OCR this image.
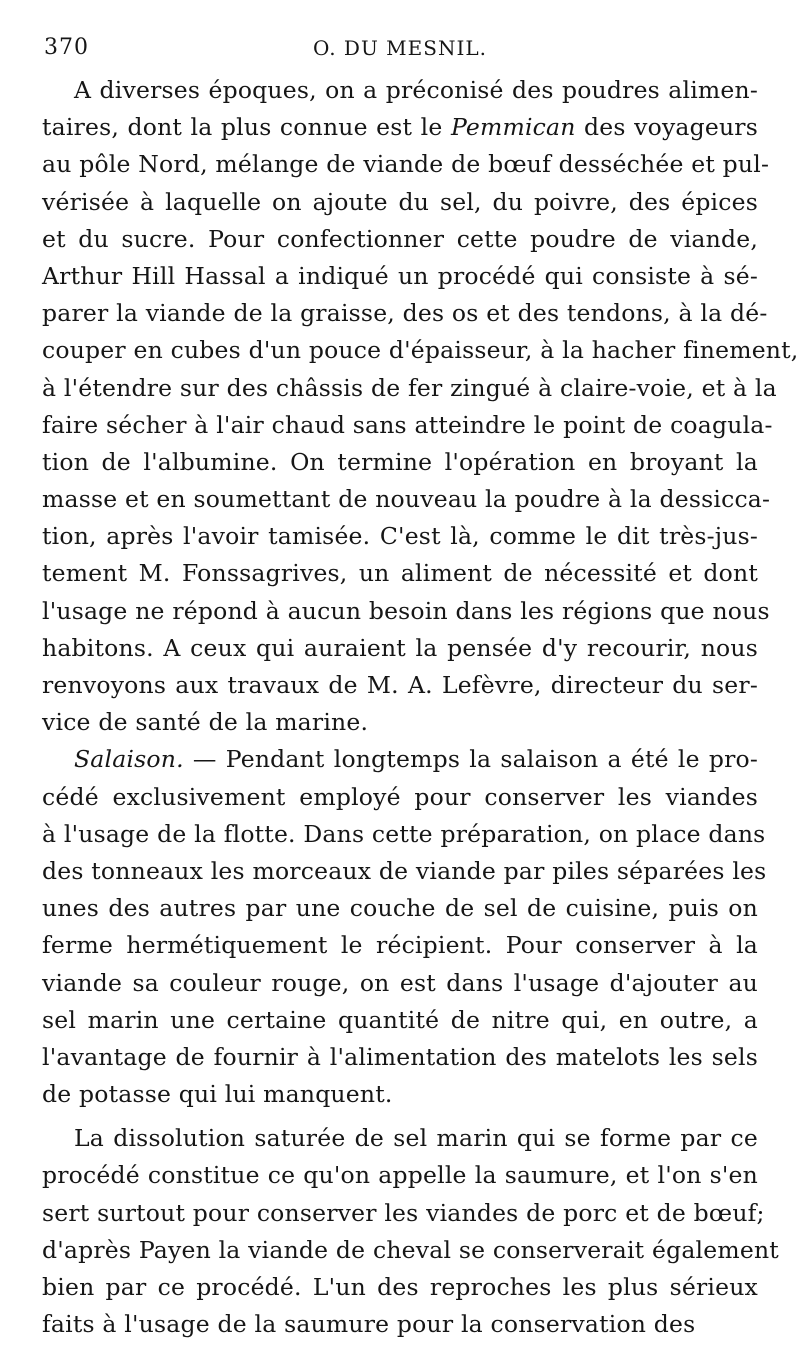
370	O. DU MESNIL.
A diverses époques, on a préconisé des poudres alimen-
taires, dont la plus connue est le Pemmican des voyageurs
au pôle Nord, mélange de viande de bœuf desséchée et pul-
vérisée à laquelle on ajoute du sel, du poivre, des épices
et du sucre. Pour confectionner cette poudre de viande,
Arthur Hill Hassal a indiqué un procédé qui consiste à sé-
parer la viande de la graisse, des os et des tendons, à la dé-
couper en cubes d'un pouce d'épaisseur, à la hacher finement,
à l'étendre sur des châssis de fer zingué à claire-voie, et à la
faire sécher à l'air chaud sans atteindre le point de coagula-
tion de l'albumine. On termine l'opération en broyant la
masse et en soumettant de nouveau la poudre à la dessicca-
tion, après l'avoir tamisée. C'est là, comme le dit très-jus-
tement M. Fonssagrives, un aliment de nécessité et dont
l'usage ne répond à aucun besoin dans les régions que nous
habitons. A ceux qui auraient la pensée d'y recourir, nous
renvoyons aux travaux de M. A. Lefèvre, directeur du ser-
vice de santé de la marine.
Salaison. — Pendant longtemps la salaison a été le pro-
cédé exclusivement employé pour conserver les viandes
à l'usage de la flotte. Dans cette préparation, on place dans
des tonneaux les morceaux de viande par piles séparées les
unes des autres par une couche de sel de cuisine, puis on
ferme hermétiquement le récipient. Pour conserver à la
viande sa couleur rouge, on est dans l'usage d'ajouter au
sel marin une certaine quantité de nitre qui, en outre, a
l'avantage de fournir à l'alimentation des matelots les sels
de potasse qui lui manquent.
La dissolution saturée de sel marin qui se forme par ce
procédé constitue ce qu'on appelle la saumure, et l'on s'en
sert surtout pour conserver les viandes de porc et de bœuf;
d'après Payen la viande de cheval se conserverait également
bien par ce procédé. L'un des reproches les plus sérieux
faits à l'usage de la saumure pour la conservation des
